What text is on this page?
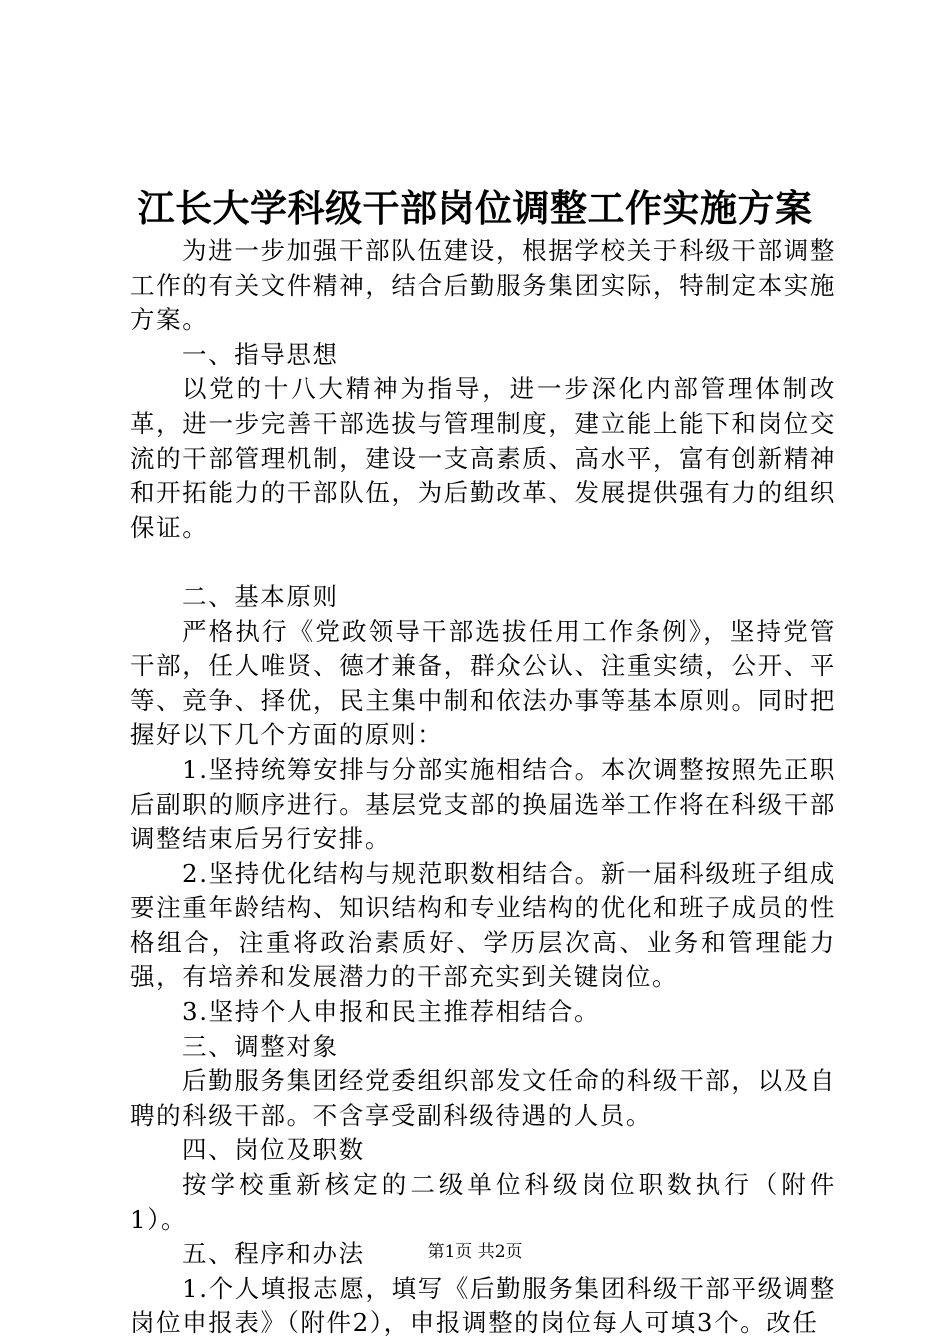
江长大学科级干部岗位调整工作实施方案

为进一步加强干部队伍建设，根据学校关于科级干部调整工作的有关文件精神，结合后勤服务集团实际，特制定本实施方案。

一、指导思想

以党的十八大精神为指导，进一步深化内部管理体制改革，进一步完善干部选拔与管理制度，建立能上能下和岗位交流的干部管理机制，建设一支高素质、高水平，富有创新精神和开拓能力的干部队伍，为后勤改革、发展提供强有力的组织保证。

二、基本原则

严格执行《党政领导干部选拔任用工作条例》，坚持党管干部，任人唯贤、德才兼备，群众公认、注重实绩，公开、平等、竞争、择优，民主集中制和依法办事等基本原则。同时把握好以下几个方面的原则：

1.坚持统筹安排与分部实施相结合。本次调整按照先正职后副职的顺序进行。基层党支部的换届选举工作将在科级干部调整结束后另行安排。

2.坚持优化结构与规范职数相结合。新一届科级班子组成要注重年龄结构、知识结构和专业结构的优化和班子成员的性格组合，注重将政治素质好、学历层次高、业务和管理能力强，有培养和发展潜力的干部充实到关键岗位。

3.坚持个人申报和民主推荐相结合。

三、调整对象

后勤服务集团经党委组织部发文任命的科级干部，以及自聘的科级干部。不含享受副科级待遇的人员。

四、岗位及职数

按学校重新核定的二级单位科级岗位职数执行（附件1）。

五、程序和办法

1.个人填报志愿，填写《后勤服务集团科级干部平级调整岗位申报表》（附件2），申报调整的岗位每人可填3个。改任

第1页 共2页
